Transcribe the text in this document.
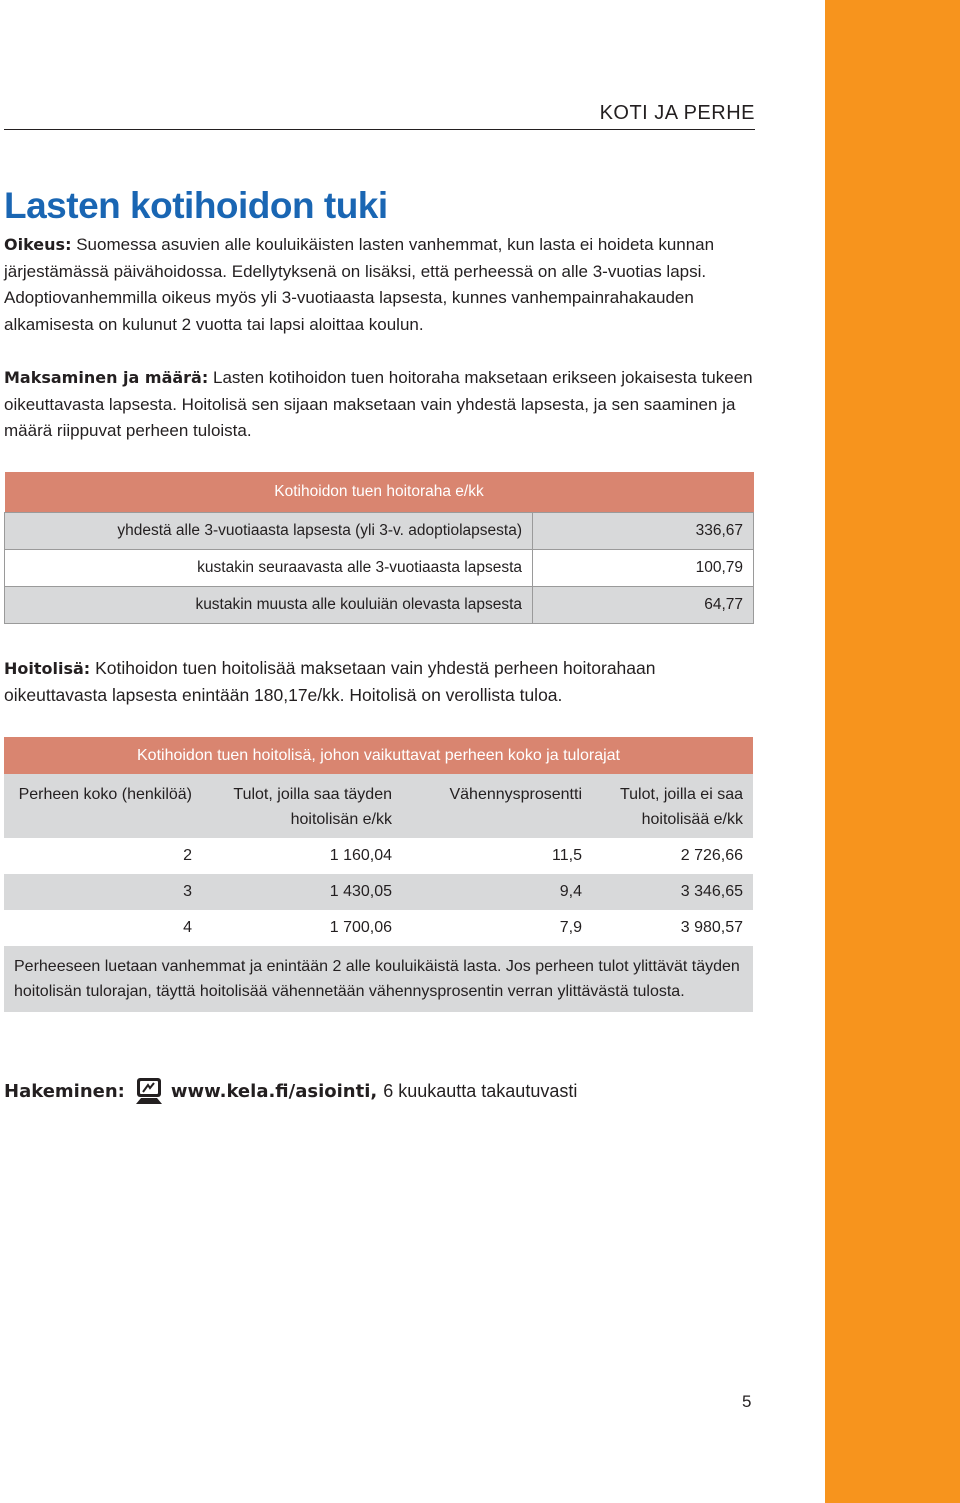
KOTI JA PERHE
Lasten kotihoidon tuki
Oikeus: Suomessa asuvien alle kouluikäisten lasten vanhemmat, kun lasta ei hoideta kunnan järjestämässä päivähoidossa. Edellytyksenä on lisäksi, että perheessä on alle 3-vuotias lapsi. Adoptiovanhemmilla oikeus myös yli 3-vuotiaasta lapsesta, kunnes vanhempainrahakauden alkamisesta on kulunut 2 vuotta tai lapsi aloittaa koulun.
Maksaminen ja määrä: Lasten kotihoidon tuen hoitoraha maksetaan erikseen jokaisesta tukeen oikeuttavasta lapsesta. Hoitolisä sen sijaan maksetaan vain yhdestä lapsesta, ja sen saaminen ja määrä riippuvat perheen tuloista.
Kotihoidon tuen hoitoraha e/kk	
yhdestä alle 3-vuotiaasta lapsesta (yli 3-v. adoptiolapsesta)	336,67
kustakin seuraavasta alle 3-vuotiaasta lapsesta	100,79
kustakin muusta alle kouluiän olevasta lapsesta	64,77
Hoitolisä: Kotihoidon tuen hoitolisää maksetaan vain yhdestä perheen hoitorahaan oikeuttavasta lapsesta enintään 180,17e/kk. Hoitolisä on verollista tuloa.
Kotihoidon tuen hoitolisä, johon vaikuttavat perheen koko ja tulorajat			
Perheen koko (henkilöä)	Tulot, joilla saa täyden hoitolisän e/kk	Vähennysprosentti	Tulot, joilla ei saa hoitolisää e/kk
2	1 160,04	11,5	2 726,66
3	1 430,05	9,4	3 346,65
4	1 700,06	7,9	3 980,57
Perheeseen luetaan vanhemmat ja enintään 2 alle kouluikäistä lasta. Jos perheen tulot ylittävät täyden hoitolisän tulorajan, täyttä hoitolisää vähennetään vähennysprosentin verran ylittävästä tulosta.			
Hakeminen:	www.kela.fi/asiointi, 6 kuukautta takautuvasti
5
